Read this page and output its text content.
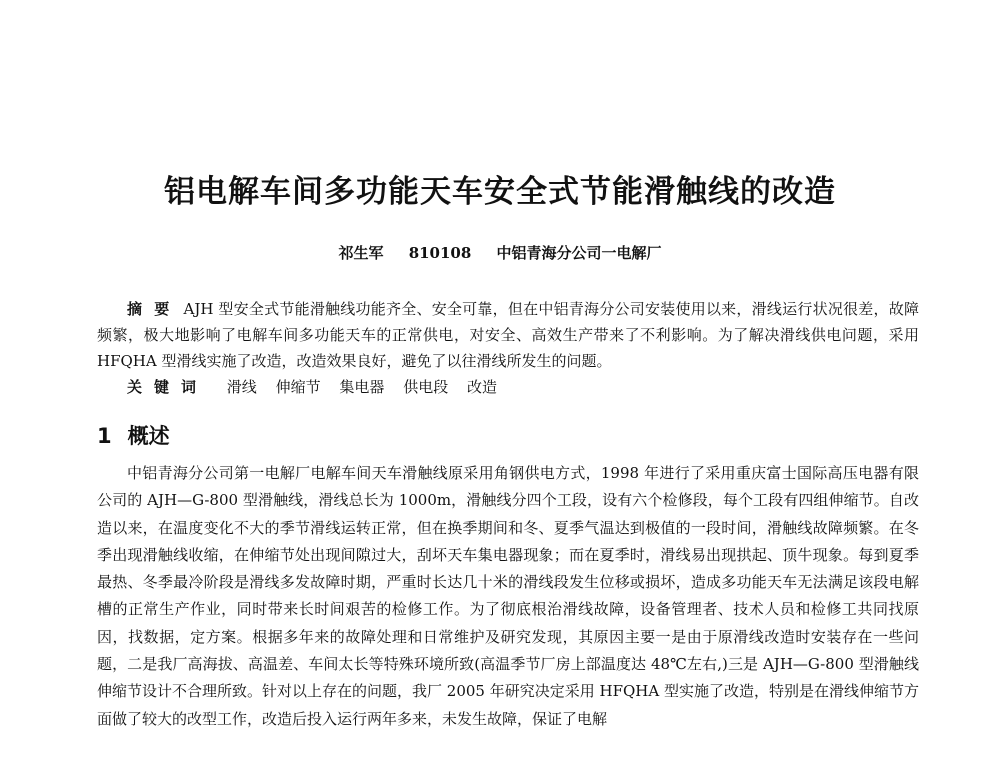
铝电解车间多功能天车安全式节能滑触线的改造
祁生军 810108 中铝青海分公司一电解厂

摘要 AJH 型安全式节能滑触线功能齐全、安全可靠，但在中铝青海分公司安装使用以来，滑线运行状况很差，故障频繁，极大地影响了电解车间多功能天车的正常供电，对安全、高效生产带来了不利影响。为了解决滑线供电问题，采用 HFQHA 型滑线实施了改造，改造效果良好，避免了以往滑线所发生的问题。

关键词 滑线 伸缩节 集电器 供电段 改造

1 概述

中铝青海分公司第一电解厂电解车间天车滑触线原采用角钢供电方式，1998 年进行了采用重庆富士国际高压电器有限公司的 AJH—G-800 型滑触线，滑线总长为 1000m，滑触线分四个工段，设有六个检修段，每个工段有四组伸缩节。自改造以来，在温度变化不大的季节滑线运转正常，但在换季期间和冬、夏季气温达到极值的一段时间，滑触线故障频繁。在冬季出现滑触线收缩，在伸缩节处出现间隙过大，刮坏天车集电器现象；而在夏季时，滑线易出现拱起、顶牛现象。每到夏季最热、冬季最冷阶段是滑线多发故障时期，严重时长达几十米的滑线段发生位移或损坏，造成多功能天车无法满足该段电解槽的正常生产作业，同时带来长时间艰苦的检修工作。为了彻底根治滑线故障，设备管理者、技术人员和检修工共同找原因，找数据，定方案。根据多年来的故障处理和日常维护及研究发现，其原因主要一是由于原滑线改造时安装存在一些问题，二是我厂高海拔、高温差、车间太长等特殊环境所致(高温季节厂房上部温度达 48℃左右,)三是 AJH—G-800 型滑触线伸缩节设计不合理所致。针对以上存在的问题，我厂 2005 年研究决定采用 HFQHA 型实施了改造，特别是在滑线伸缩节方面做了较大的改型工作，改造后投入运行两年多来，未发生故障，保证了电解
